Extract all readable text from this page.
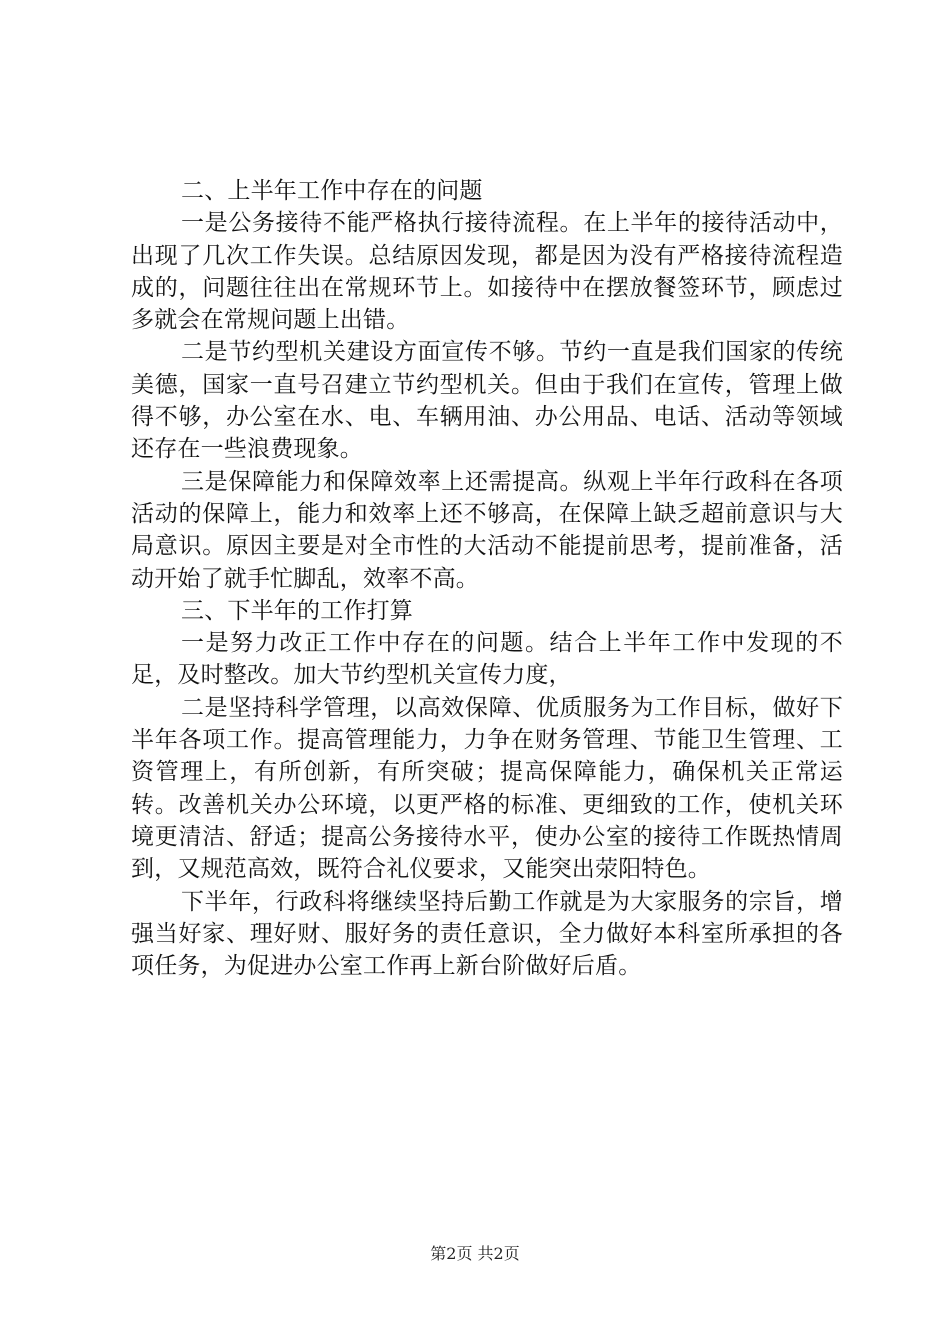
二、上半年工作中存在的问题

一是公务接待不能严格执行接待流程。在上半年的接待活动中，出现了几次工作失误。总结原因发现，都是因为没有严格接待流程造成的，问题往往出在常规环节上。如接待中在摆放餐签环节，顾虑过多就会在常规问题上出错。

二是节约型机关建设方面宣传不够。节约一直是我们国家的传统美德，国家一直号召建立节约型机关。但由于我们在宣传，管理上做得不够，办公室在水、电、车辆用油、办公用品、电话、活动等领域还存在一些浪费现象。

三是保障能力和保障效率上还需提高。纵观上半年行政科在各项活动的保障上，能力和效率上还不够高，在保障上缺乏超前意识与大局意识。原因主要是对全市性的大活动不能提前思考，提前准备，活动开始了就手忙脚乱，效率不高。

三、下半年的工作打算

一是努力改正工作中存在的问题。结合上半年工作中发现的不足，及时整改。加大节约型机关宣传力度，

二是坚持科学管理，以高效保障、优质服务为工作目标，做好下半年各项工作。提高管理能力，力争在财务管理、节能卫生管理、工资管理上，有所创新，有所突破；提高保障能力，确保机关正常运转。改善机关办公环境，以更严格的标准、更细致的工作，使机关环境更清洁、舒适；提高公务接待水平，使办公室的接待工作既热情周到，又规范高效，既符合礼仪要求，又能突出荥阳特色。

下半年，行政科将继续坚持后勤工作就是为大家服务的宗旨，增强当好家、理好财、服好务的责任意识，全力做好本科室所承担的各项任务，为促进办公室工作再上新台阶做好后盾。

第2页 共2页
